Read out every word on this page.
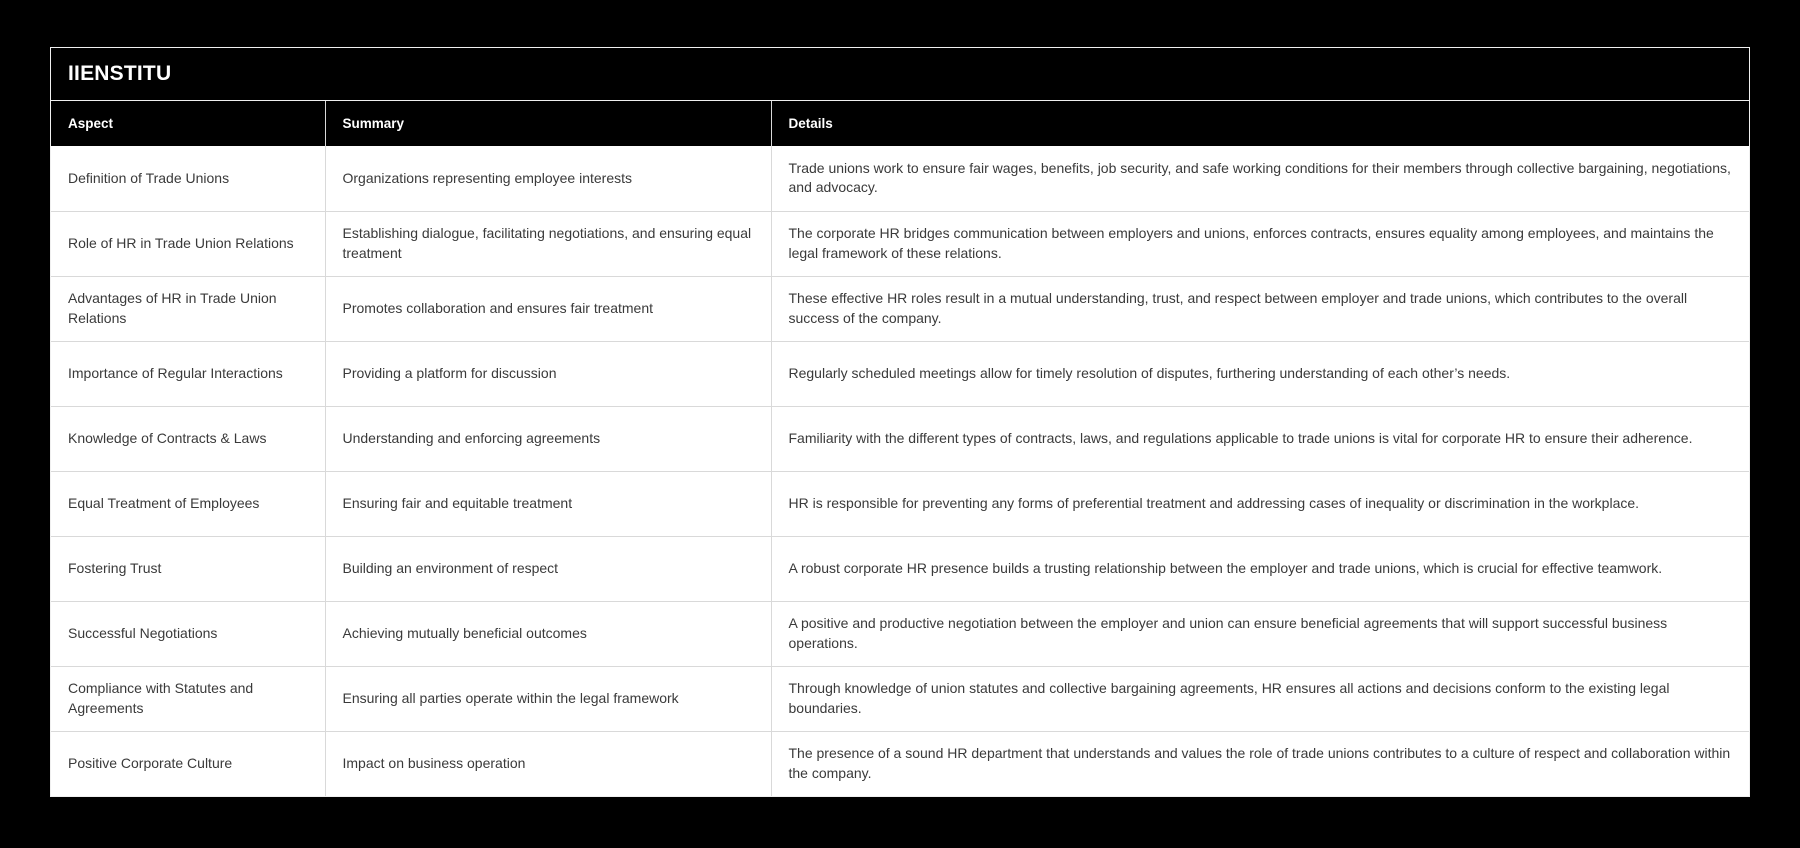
IIENSTITU
Aspect	Summary	Details
Definition of Trade Unions	Organizations representing employee interests	Trade unions work to ensure fair wages, benefits, job security, and safe working conditions for their members through collective bargaining, negotiations, and advocacy.
Role of HR in Trade Union Relations	Establishing dialogue, facilitating negotiations, and ensuring equal treatment	The corporate HR bridges communication between employers and unions, enforces contracts, ensures equality among employees, and maintains the legal framework of these relations.
Advantages of HR in Trade Union Relations	Promotes collaboration and ensures fair treatment	These effective HR roles result in a mutual understanding, trust, and respect between employer and trade unions, which contributes to the overall success of the company.
Importance of Regular Interactions	Providing a platform for discussion	Regularly scheduled meetings allow for timely resolution of disputes, furthering understanding of each other’s needs.
Knowledge of Contracts & Laws	Understanding and enforcing agreements	Familiarity with the different types of contracts, laws, and regulations applicable to trade unions is vital for corporate HR to ensure their adherence.
Equal Treatment of Employees	Ensuring fair and equitable treatment	HR is responsible for preventing any forms of preferential treatment and addressing cases of inequality or discrimination in the workplace.
Fostering Trust	Building an environment of respect	A robust corporate HR presence builds a trusting relationship between the employer and trade unions, which is crucial for effective teamwork.
Successful Negotiations	Achieving mutually beneficial outcomes	A positive and productive negotiation between the employer and union can ensure beneficial agreements that will support successful business operations.
Compliance with Statutes and Agreements	Ensuring all parties operate within the legal framework	Through knowledge of union statutes and collective bargaining agreements, HR ensures all actions and decisions conform to the existing legal boundaries.
Positive Corporate Culture	Impact on business operation	The presence of a sound HR department that understands and values the role of trade unions contributes to a culture of respect and collaboration within the company.
